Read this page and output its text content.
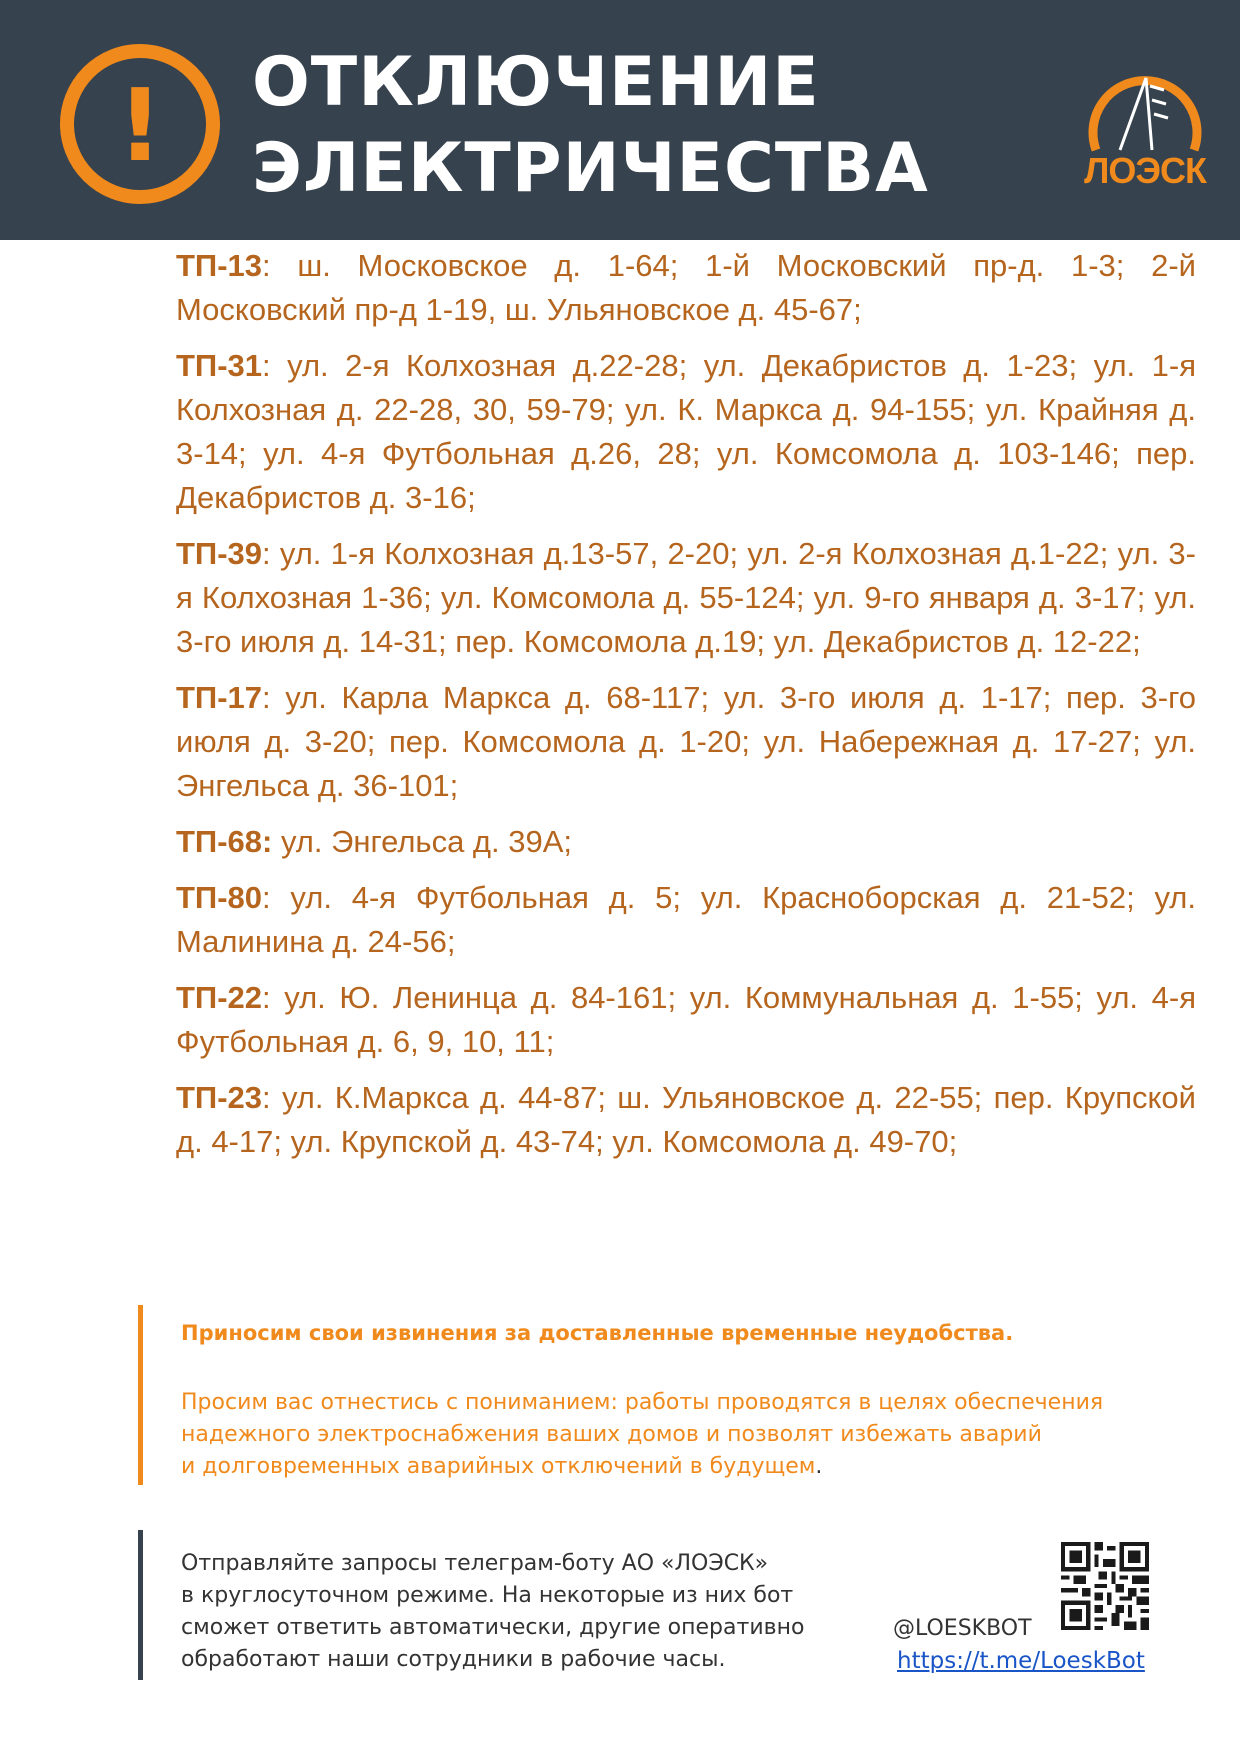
!	ОТКЛЮЧЕНИЕ
ЭЛЕКТРИЧЕСТВА	ЛОЭСК
ТП-13: ш. Московское д. 1-64; 1-й Московский пр-д. 1-3; 2-й Московский пр-д 1-19, ш. Ульяновское д. 45-67;
ТП-31: ул. 2-я Колхозная д.22-28; ул. Декабристов д. 1-23; ул. 1-я Колхозная д. 22-28, 30, 59-79; ул. К. Маркса д. 94-155; ул. Крайняя д. 3-14; ул. 4-я Футбольная д.26, 28; ул. Комсомола д. 103-146; пер. Декабристов д. 3-16;
ТП-39: ул. 1-я Колхозная д.13-57, 2-20; ул. 2-я Колхозная д.1-22; ул. 3-я Колхозная 1-36; ул. Комсомола д. 55-124; ул. 9-го января д. 3-17; ул. 3-го июля д. 14-31; пер. Комсомола д.19; ул. Декабристов д. 12-22;
ТП-17: ул. Карла Маркса д. 68-117; ул. 3-го июля д. 1-17; пер. 3-го июля д. 3-20; пер. Комсомола д. 1-20; ул. Набережная д. 17-27; ул. Энгельса д. 36-101;
ТП-68: ул. Энгельса д. 39А;
ТП-80: ул. 4-я Футбольная д. 5; ул. Красноборская д. 21-52; ул. Малинина д. 24-56;
ТП-22: ул. Ю. Ленинца д. 84-161; ул. Коммунальная д. 1-55; ул. 4-я Футбольная д. 6, 9, 10, 11;
ТП-23: ул. К.Маркса д. 44-87; ш. Ульяновское д. 22-55; пер. Крупской д. 4-17; ул. Крупской д. 43-74; ул. Комсомола д. 49-70;
Приносим свои извинения за доставленные временные неудобства.
Просим вас отнестись с пониманием: работы проводятся в целях обеспечения
надежного электроснабжения ваших домов и позволят избежать аварий
и долговременных аварийных отключений в будущем.
Отправляйте запросы телеграм-боту АО «ЛОЭСК»
в круглосуточном режиме. На некоторые из них бот
сможет ответить автоматически, другие оперативно
обработают наши сотрудники в рабочие часы.
@LOESKBOT
https://t.me/LoeskBot
